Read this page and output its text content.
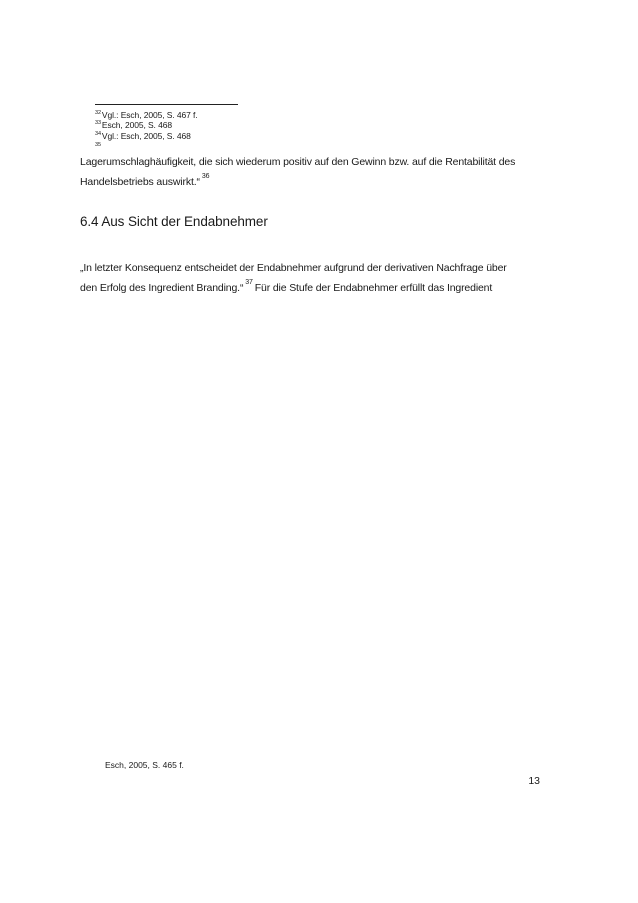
$^{32}$Vgl.: Esch, 2005, S. 467 f.
$^{33}$Esch, 2005, S. 468
$^{34}$Vgl.: Esch, 2005, S. 468
35
Lagerumschlaghäufigkeit, die sich wiederum positiv auf den Gewinn bzw. auf die Rentabilität des
Handelsbetriebs auswirkt.“ $^{36}$
6.4 Aus Sicht der Endabnehmer
„In letzter Konsequenz entscheidet der Endabnehmer aufgrund der derivativen Nachfrage über
den Erfolg des Ingredient Branding.“ $^{37}$ Für die Stufe der Endabnehmer erfüllt das Ingredient
Esch, 2005, S. 465 f.
13
